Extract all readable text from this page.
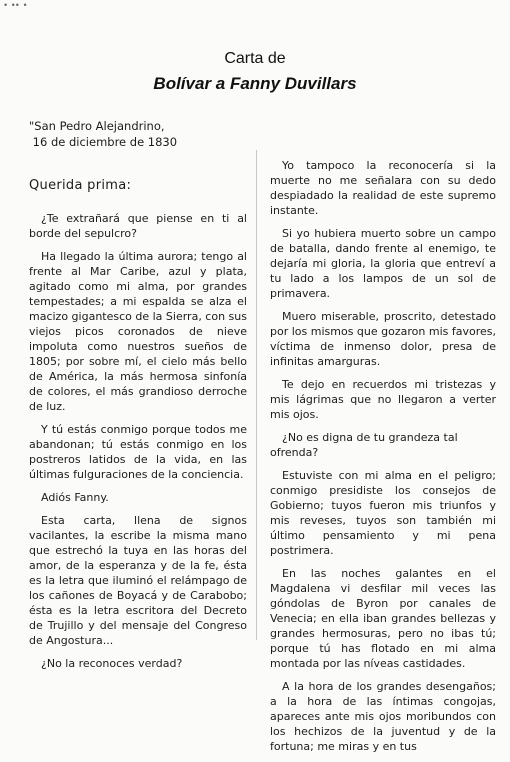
• •• •
Carta de
Bolívar a Fanny Duvillars
"San Pedro Alejandrino,
16 de diciembre de 1830

Querida prima:

¿Te extrañará que piense en ti al borde del sepulcro?

Ha llegado la última aurora; tengo al frente al Mar Caribe, azul y plata, agitado como mi alma, por grandes tempestades; a mi espalda se alza el macizo gigantesco de la Sierra, con sus viejos picos coronados de nieve impoluta como nuestros sueños de 1805; por sobre mí, el cielo más bello de América, la más hermosa sinfonía de colores, el más grandioso derroche de luz.

Y tú estás conmigo porque todos me abandonan; tú estás conmigo en los postreros latidos de la vida, en las últimas fulguraciones de la conciencia.

Adiós Fanny.

Esta carta, llena de signos vacilantes, la escribe la misma mano que estrechó la tuya en las horas del amor, de la esperanza y de la fe, ésta es la letra que iluminó el relámpago de los cañones de Boyacá y de Carabobo; ésta es la letra escritora del Decreto de Trujillo y del mensaje del Congreso de Angostura...

¿No la reconoces verdad?

Yo tampoco la reconocería si la muerte no me señalara con su dedo despiadado la realidad de este supremo instante.

Si yo hubiera muerto sobre un campo de batalla, dando frente al enemigo, te dejaría mi gloria, la gloria que entreví a tu lado a los lampos de un sol de primavera.

Muero miserable, proscrito, detestado por los mismos que gozaron mis favores, víctima de inmenso dolor, presa de infinitas amarguras.

Te dejo en recuerdos mi tristezas y mis lágrimas que no llegaron a verter mis ojos.

¿No es digna de tu grandeza tal ofrenda?

Estuviste con mi alma en el peligro; conmigo presidiste los consejos de Gobierno; tuyos fueron mis triunfos y mis reveses, tuyos son también mi último pensamiento y mi pena postrimera.

En las noches galantes en el Magdalena vi desfilar mil veces las góndolas de Byron por canales de Venecia; en ella iban grandes bellezas y grandes hermosuras, pero no ibas tú; porque tú has flotado en mi alma montada por las níveas castidades.

A la hora de los grandes desengaños; a la hora de las íntimas congojas, apareces ante mis ojos moribundos con los hechizos de la juventud y de la fortuna; me miras y en tus
